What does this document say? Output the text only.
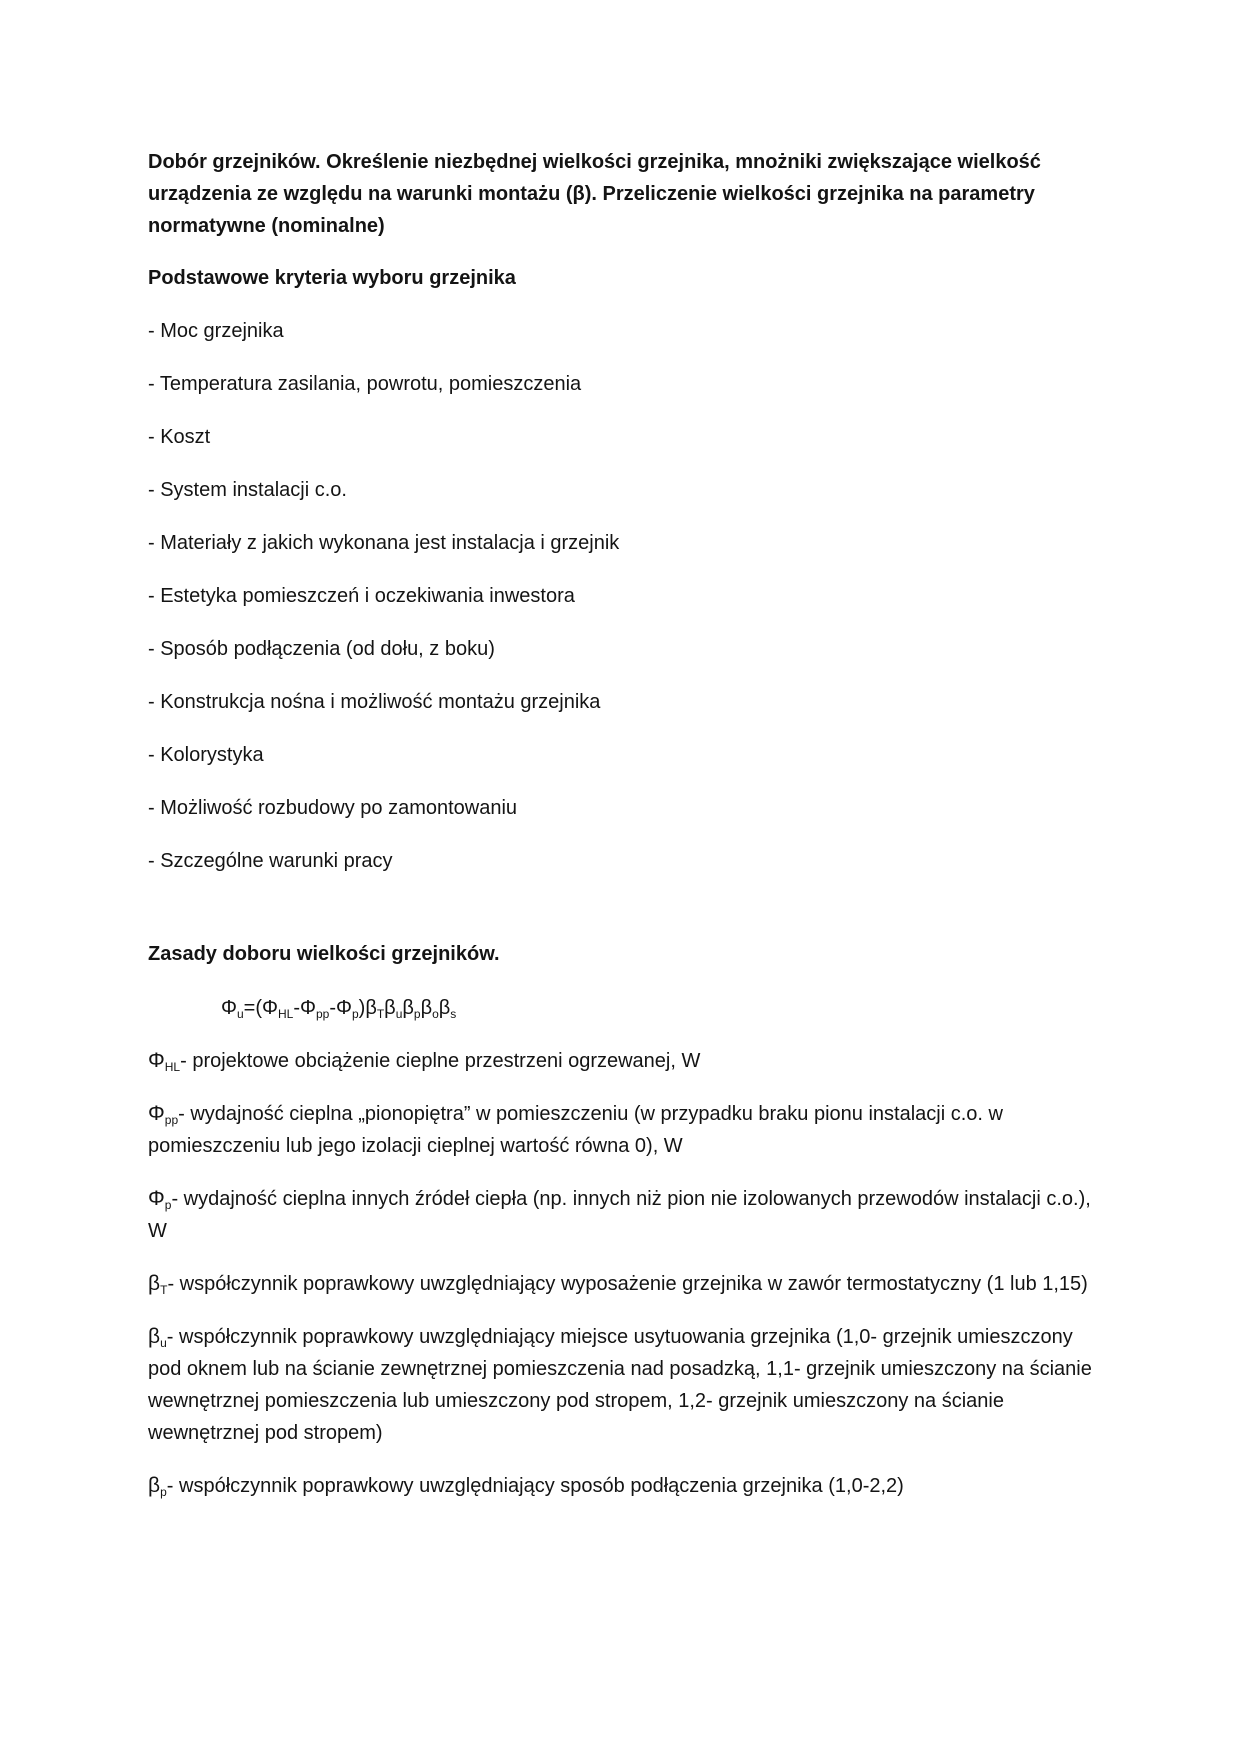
Dobór grzejników. Określenie niezbędnej wielkości grzejnika, mnożniki zwiększające wielkość urządzenia ze względu na warunki montażu (β). Przeliczenie wielkości grzejnika na parametry normatywne (nominalne)

Podstawowe kryteria wyboru grzejnika

- Moc grzejnika
- Temperatura zasilania, powrotu, pomieszczenia
- Koszt
- System instalacji c.o.
- Materiały z jakich wykonana jest instalacja i grzejnik
- Estetyka pomieszczeń i oczekiwania inwestora
- Sposób podłączenia (od dołu, z boku)
- Konstrukcja nośna i możliwość montażu grzejnika
- Kolorystyka
- Możliwość rozbudowy po zamontowaniu
- Szczególne warunki pracy

Zasady doboru wielkości grzejników.

$\Phi_u=(\Phi_{HL}-\Phi_{pp}-\Phi_p)\beta_T\beta_u\beta_p\beta_o\beta_s$

$\Phi_{HL}-$ projektowe obciążenie cieplne przestrzeni ogrzewanej, W

$\Phi_{pp}-$ wydajność cieplna „pionopiętra” w pomieszczeniu (w przypadku braku pionu instalacji c.o. w pomieszczeniu lub jego izolacji cieplnej wartość równa 0), W

$\Phi_p-$ wydajność cieplna innych źródeł ciepła (np. innych niż pion nie izolowanych przewodów instalacji c.o.), W

$\beta_T-$ współczynnik poprawkowy uwzględniający wyposażenie grzejnika w zawór termostatyczny (1 lub 1,15)

$\beta_u-$ współczynnik poprawkowy uwzględniający miejsce usytuowania grzejnika (1,0- grzejnik umieszczony pod oknem lub na ścianie zewnętrznej pomieszczenia nad posadzką, 1,1- grzejnik umieszczony na ścianie wewnętrznej pomieszczenia lub umieszczony pod stropem, 1,2- grzejnik umieszczony na ścianie wewnętrznej pod stropem)

$\beta_p-$ współczynnik poprawkowy uwzględniający sposób podłączenia grzejnika (1,0-2,2)
